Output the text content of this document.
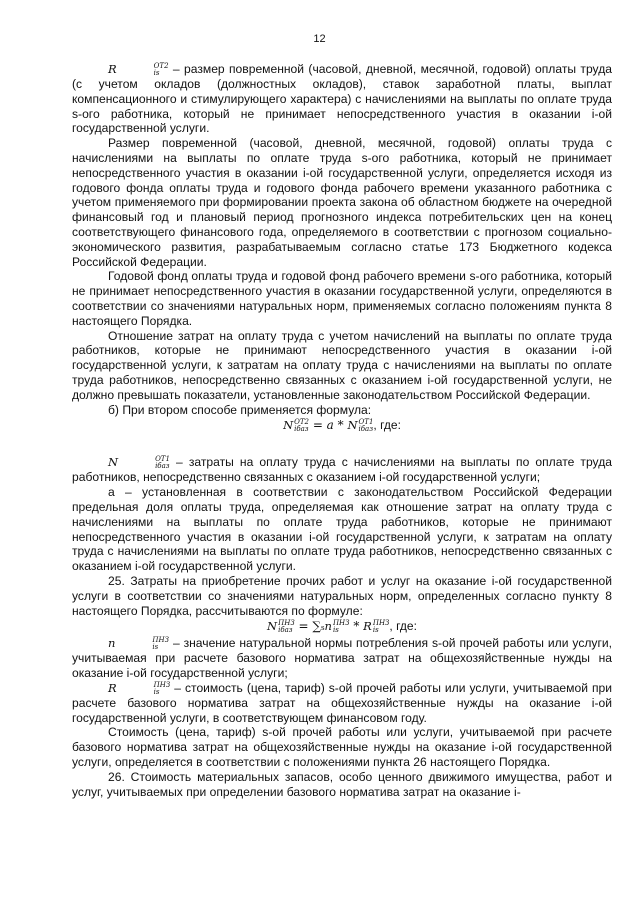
12

R	ОТ2
is	– размер повременной (часовой, дневной, месячной, годовой) оплаты труда (с учетом окладов (должностных окладов), ставок заработной платы, выплат компенсационного и стимулирующего характера) с начислениями на выплаты по оплате труда s-ого работника, который не принимает непосредственного участия в оказании i-ой государственной услуги.

Размер повременной (часовой, дневной, месячной, годовой) оплаты труда с начислениями на выплаты по оплате труда s-ого работника, который не принимает непосредственного участия в оказании i-ой государственной услуги, определяется исходя из годового фонда оплаты труда и годового фонда рабочего времени указанного работника с учетом применяемого при формировании проекта закона об областном бюджете на очередной финансовый год и плановый период прогнозного индекса потребительских цен на конец соответствующего финансового года, определяемого в соответствии с прогнозом социально-экономического развития, разрабатываемым согласно статье 173 Бюджетного кодекса Российской Федерации.

Годовой фонд оплаты труда и годовой фонд рабочего времени s-ого работника, который не принимает непосредственного участия в оказании государственной услуги, определяются в соответствии со значениями натуральных норм, применяемых согласно положениям пункта 8 настоящего Порядка.

Отношение затрат на оплату труда с учетом начислений на выплаты по оплате труда работников, которые не принимают непосредственного участия в оказании i-ой государственной услуги, к затратам на оплату труда с начислениями на выплаты по оплате труда работников, непосредственно связанных с оказанием i-ой государственной услуги, не должно превышать показатели, установленные законодательством Российской Федерации.

б) При втором способе применяется формула:

N ОТ2
iбаз = a * N ОТ1
iбаз , где:

N	ОТ1
iбаз – затраты на оплату труда с начислениями на выплаты по оплате труда работников, непосредственно связанных с оказанием i-ой государственной услуги;

a – установленная в соответствии с законодательством Российской Федерации предельная доля оплаты труда, определяемая как отношение затрат на оплату труда с начислениями на выплаты по оплате труда работников, которые не принимают непосредственного участия в оказании i-ой государственной услуги, к затратам на оплату труда с начислениями на выплаты по оплате труда работников, непосредственно связанных с оказанием i-ой государственной услуги.

25. Затраты на приобретение прочих работ и услуг на оказание i-ой государственной услуги в соответствии со значениями натуральных норм, определенных согласно пункту 8 настоящего Порядка, рассчитываются по формуле:

N ПНЗ
iбаз = ∑sn ПНЗ
is * R ПНЗ
is , где:

n	ПНЗ
is	– значение натуральной нормы потребления s-ой прочей работы или услуги, учитываемая при расчете базового норматива затрат на общехозяйственные нужды на оказание i-ой государственной услуги;

R	ПНЗ
is	– стоимость (цена, тариф) s-ой прочей работы или услуги, учитываемой при расчете базового норматива затрат на общехозяйственные нужды на оказание i-ой государственной услуги, в соответствующем финансовом году.

Стоимость (цена, тариф) s-ой прочей работы или услуги, учитываемой при расчете базового норматива затрат на общехозяйственные нужды на оказание i-ой государственной услуги, определяется в соответствии с положениями пункта 26 настоящего Порядка.

26. Стоимость материальных запасов, особо ценного движимого имущества, работ и услуг, учитываемых при определении базового норматива затрат на оказание i-
